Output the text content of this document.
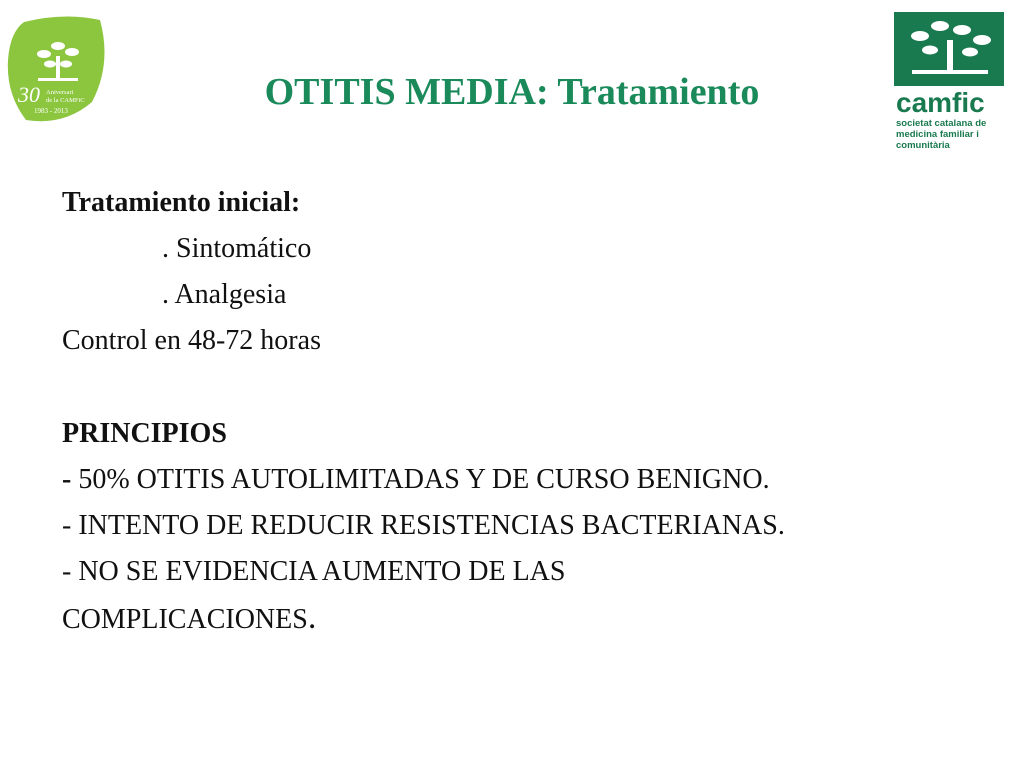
30 Aniversari
de la CAMFiC
1983 - 2013	camfic
societat catalana de
medicina familiar i
comunitària
OTITIS MEDIA: Tratamiento

Tratamiento inicial:

. Sintomático

. Analgesia

Control en 48-72 horas

PRINCIPIOS

- 50% OTITIS AUTOLIMITADAS Y DE CURSO BENIGNO.

- INTENTO DE REDUCIR RESISTENCIAS BACTERIANAS.

- NO SE EVIDENCIA AUMENTO DE LAS

COMPLICACIONES.
